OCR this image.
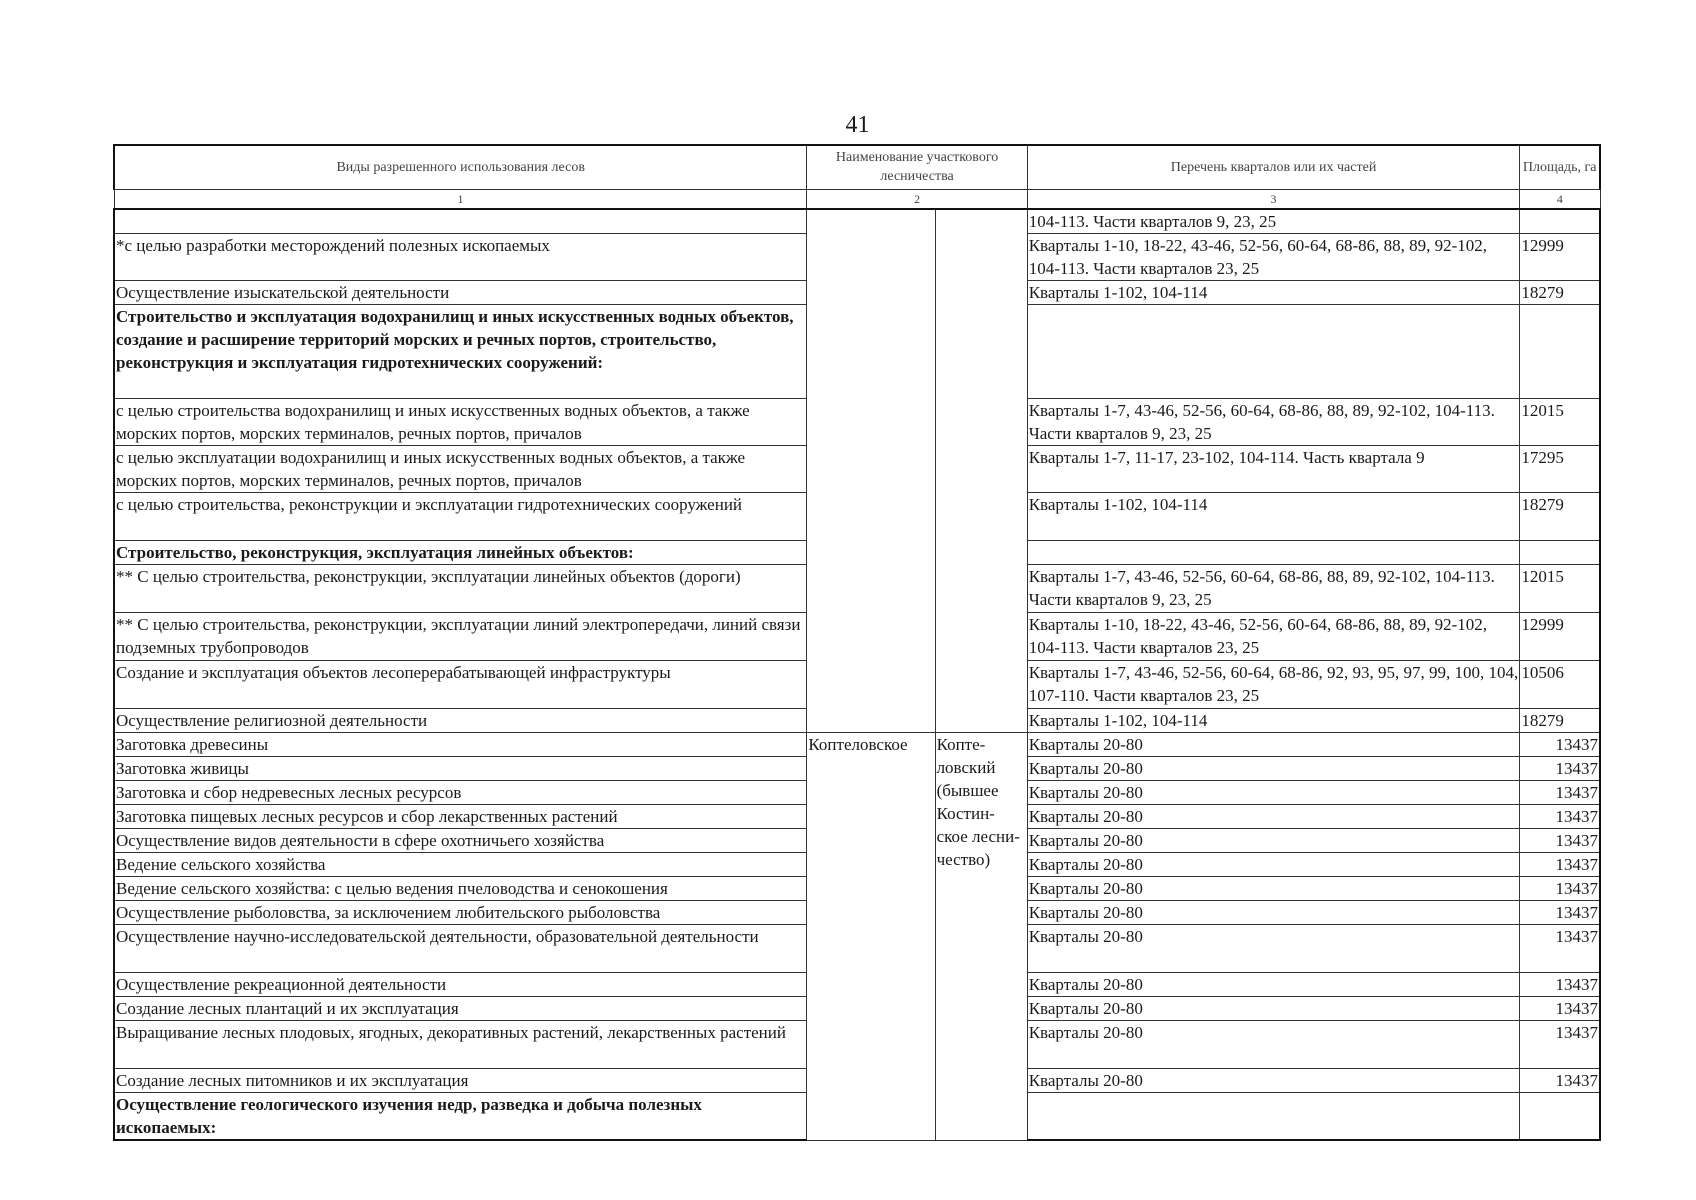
41
Виды разрешенного использования лесов	Наименование участкового лесничества		Перечень кварталов или их частей	Площадь, га
1	2		3	4
			104-113. Части кварталов 9, 23, 25	
*с целью разработки месторождений полезных ископаемых			Кварталы 1-10, 18-22, 43-46, 52-56, 60-64, 68-86, 88, 89, 92-102, 104-113. Части кварталов 23, 25	12999
Осуществление изыскательской деятельности			Кварталы 1-102, 104-114	18279
Строительство и эксплуатация водохранилищ и иных искусственных водных объектов, создание и расширение территорий морских и речных портов, строительство, реконструкция и эксплуатация гидротехнических сооружений:				
с целью строительства водохранилищ и иных искусственных водных объектов, а также морских портов, морских терминалов, речных портов, причалов			Кварталы 1-7, 43-46, 52-56, 60-64, 68-86, 88, 89, 92-102, 104-113. Части кварталов 9, 23, 25	12015
с целью эксплуатации водохранилищ и иных искусственных водных объектов, а также морских портов, морских терминалов, речных портов, причалов			Кварталы 1-7, 11-17, 23-102, 104-114. Часть квартала 9	17295
с целью строительства, реконструкции и эксплуатации гидротехнических сооружений			Кварталы 1-102, 104-114	18279
Строительство, реконструкция, эксплуатация линейных объектов:				
** С целью строительства, реконструкции, эксплуатации линейных объектов (дороги)			Кварталы 1-7, 43-46, 52-56, 60-64, 68-86, 88, 89, 92-102, 104-113. Части кварталов 9, 23, 25	12015
** С целью строительства, реконструкции, эксплуатации линий электропередачи, линий связи подземных трубопроводов			Кварталы 1-10, 18-22, 43-46, 52-56, 60-64, 68-86, 88, 89, 92-102, 104-113. Части кварталов 23, 25	12999
Создание и эксплуатация объектов лесоперерабатывающей инфраструктуры			Кварталы 1-7, 43-46, 52-56, 60-64, 68-86, 92, 93, 95, 97, 99, 100, 104, 107-110. Части кварталов 23, 25	10506
Осуществление религиозной деятельности			Кварталы 1-102, 104-114	18279
Заготовка древесины	Коптеловское	Копте-ловский (бывшее Костин-ское лесни-чество)	Кварталы 20-80	13437
Заготовка живицы			Кварталы 20-80	13437
Заготовка и сбор недревесных лесных ресурсов			Кварталы 20-80	13437
Заготовка пищевых лесных ресурсов и сбор лекарственных растений			Кварталы 20-80	13437
Осуществление видов деятельности в сфере охотничьего хозяйства			Кварталы 20-80	13437
Ведение сельского хозяйства			Кварталы 20-80	13437
Ведение сельского хозяйства: с целью ведения пчеловодства и сенокошения			Кварталы 20-80	13437
Осуществление рыболовства, за исключением любительского рыболовства			Кварталы 20-80	13437
Осуществление научно-исследовательской деятельности, образовательной деятельности			Кварталы 20-80	13437
Осуществление рекреационной деятельности			Кварталы 20-80	13437
Создание лесных плантаций и их эксплуатация			Кварталы 20-80	13437
Выращивание лесных плодовых, ягодных, декоративных растений, лекарственных растений			Кварталы 20-80	13437
Создание лесных питомников и их эксплуатация			Кварталы 20-80	13437
Осуществление геологического изучения недр, разведка и добыча полезных ископаемых:				
